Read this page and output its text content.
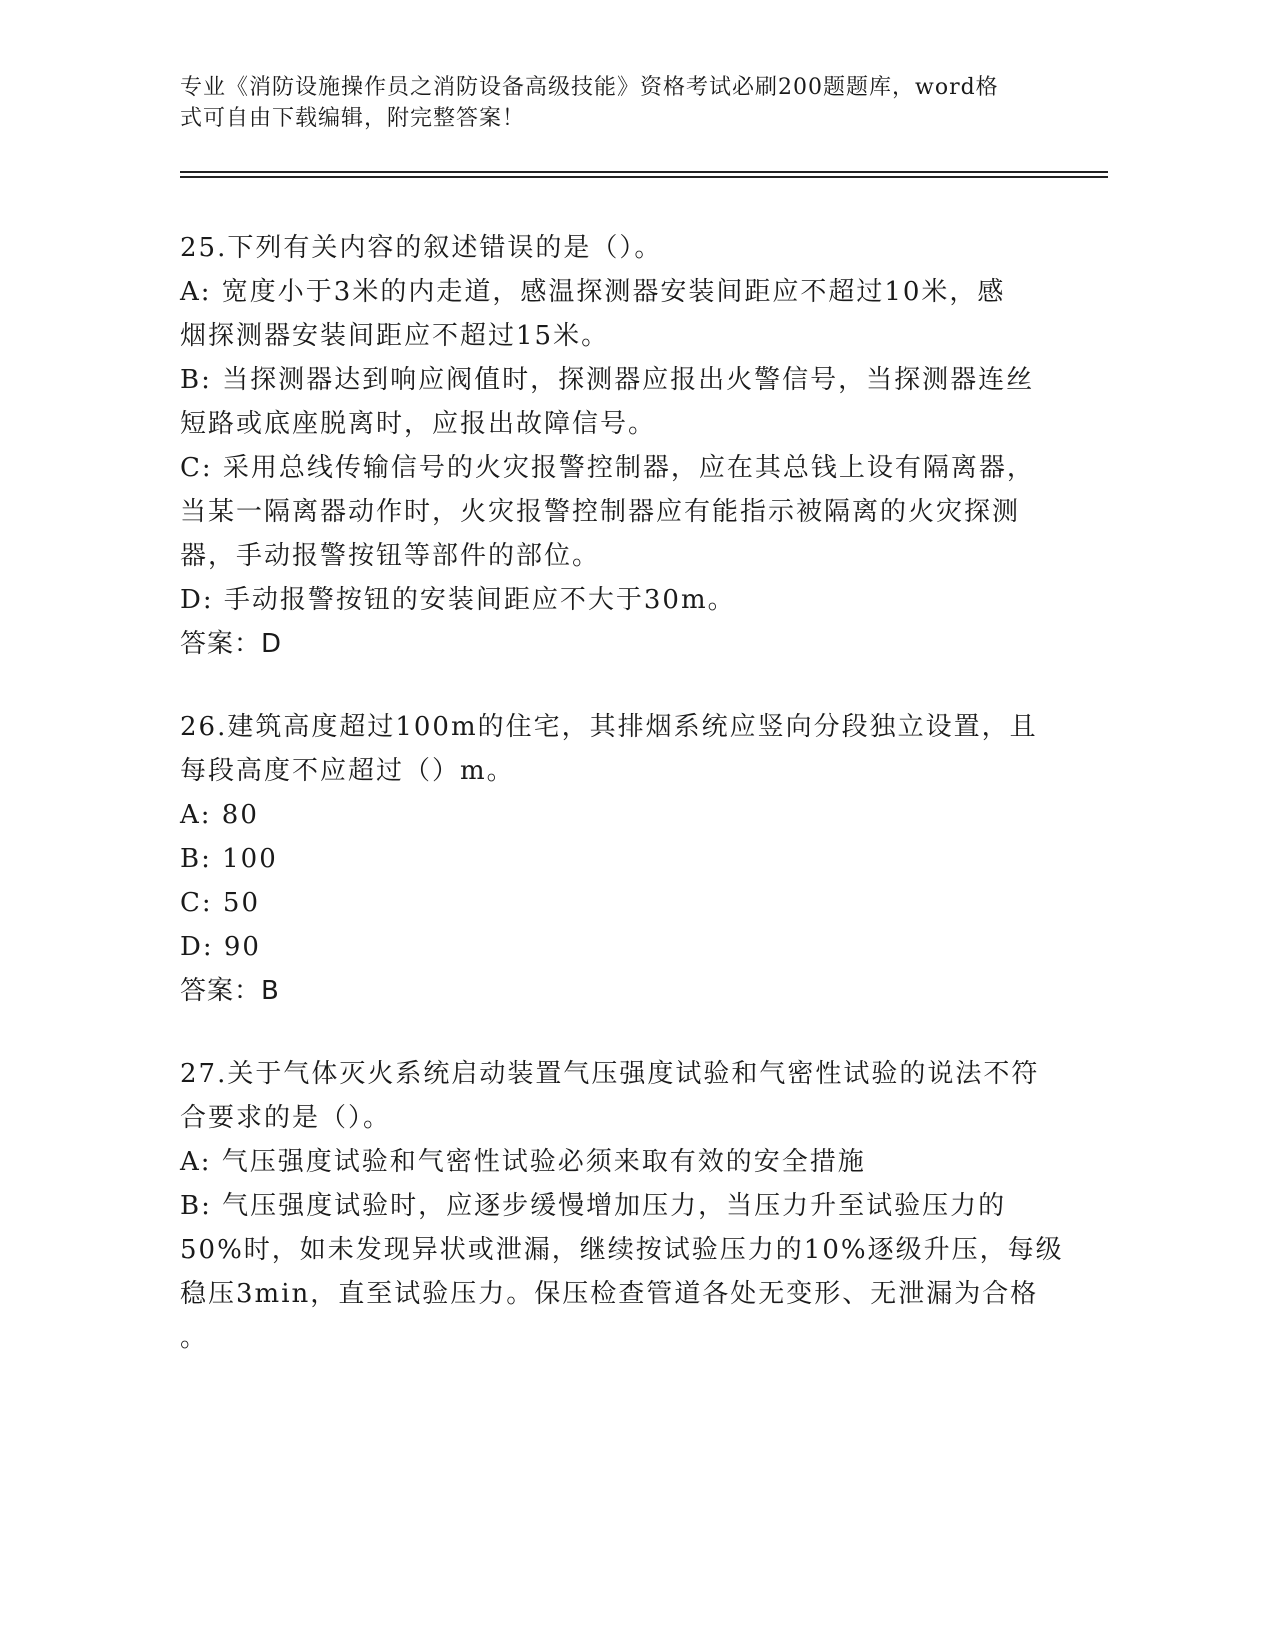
专业《消防设施操作员之消防设备高级技能》资格考试必刷200题题库，word格
式可自由下载编辑，附完整答案！
25.下列有关内容的叙述错误的是（）。
A: 宽度小于3米的内走道，感温探测器安装间距应不超过10米，感
烟探测器安装间距应不超过15米。
B: 当探测器达到响应阀值时，探测器应报出火警信号，当探测器连丝
短路或底座脱离时，应报出故障信号。
C: 采用总线传输信号的火灾报警控制器，应在其总钱上设有隔离器，
当某一隔离器动作时，火灾报警控制器应有能指示被隔离的火灾探测
器，手动报警按钮等部件的部位。
D: 手动报警按钮的安装间距应不大于30m。
答案：D
26.建筑高度超过100m的住宅，其排烟系统应竖向分段独立设置，且
每段高度不应超过（）m。
A: 80
B: 100
C: 50
D: 90
答案：B
27.关于气体灭火系统启动装置气压强度试验和气密性试验的说法不符
合要求的是（）。
A: 气压强度试验和气密性试验必须来取有效的安全措施
B: 气压强度试验时，应逐步缓慢增加压力，当压力升至试验压力的
50%时，如未发现异状或泄漏，继续按试验压力的10%逐级升压，每级
稳压3min，直至试验压力。保压检查管道各处无变形、无泄漏为合格
。
